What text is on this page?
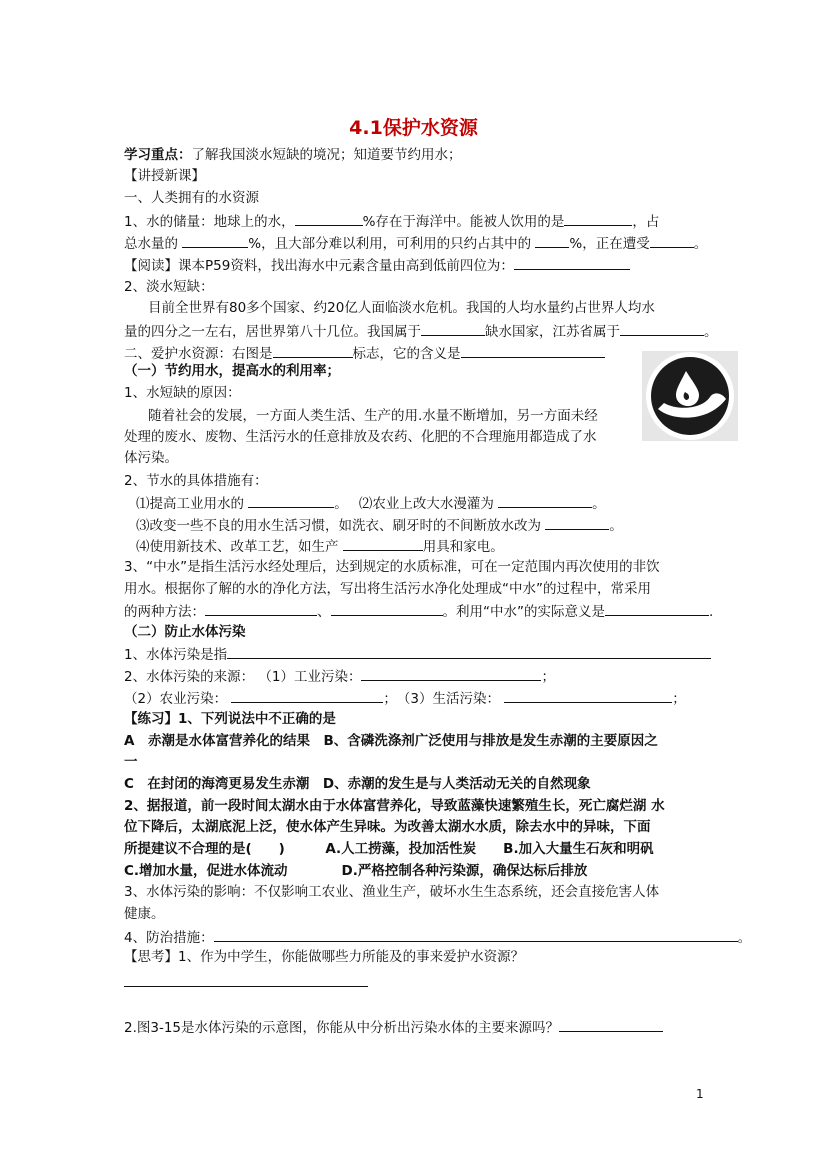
4.1保护水资源
学习重点：了解我国淡水短缺的境况；知道要节约用水；
【讲授新课】
一、人类拥有的水资源
1、水的储量：地球上的水，	%存在于海洋中。能被人饮用的是	，占
总水量的	%，且大部分难以利用，可利用的只约占其中的	%，正在遭受	。
【阅读】课本P59资料，找出海水中元素含量由高到低前四位为：
2、淡水短缺：
目前全世界有80多个国家、约20亿人面临淡水危机。我国的人均水量约占世界人均水
量的四分之一左右，居世界第八十几位。我国属于	缺水国家，江苏省属于	。
二、爱护水资源：右图是	标志，它的含义是
（一）节约用水，提高水的利用率；
1、水短缺的原因：
随着社会的发展，一方面人类生活、生产的用.水量不断增加，另一方面未经
处理的废水、废物、生活污水的任意排放及农药、化肥的不合理施用都造成了水
体污染。
2、节水的具体措施有：
⑴提高工业用水的	。　 ⑵农业上改大水漫灌为	。
⑶改变一些不良的用水生活习惯，如洗衣、刷牙时的不间断放水改为	。
⑷使用新技术、改革工艺，如生产	用具和家电。
3、“中水”是指生活污水经处理后，达到规定的水质标准，可在一定范围内再次使用的非饮
用水。根据你了解的水的净化方法，写出将生活污水净化处理成“中水”的过程中，常采用
的两种方法：	、	。利用“中水”的实际意义是	.
（二）防止水体污染
1、水体污染是指
2、水体污染的来源： （1）工业污染：	；
（2）农业污染：	；　 （3）生活污染：	；
【练习】1、下列说法中不正确的是
A　赤潮是水体富营养化的结果　B、含磷洗涤剂广泛使用与排放是发生赤潮的主要原因之
一
C　在封闭的海湾更易发生赤潮　D、赤潮的发生是与人类活动无关的自然现象
2、据报道，前一段时间太湖水由于水体富营养化，导致蓝藻快速繁殖生长，死亡腐烂湖 水
位下降后，太湖底泥上泛，使水体产生异味。为改善太湖水水质，除去水中的异味，下面
所提建议不合理的是(　　 )　　　	A.人工捞藻，投加活性炭　　 B.加入大量生石灰和明矾
C.增加水量，促进水体流动　　　　	D.严格控制各种污染源，确保达标后排放
3、水体污染的影响：不仅影响工农业、渔业生产，破坏水生生态系统，还会直接危害人体
健康。
4、防治措施：	。
【思考】1、作为中学生，你能做哪些力所能及的事来爱护水资源？
2.图3-15是水体污染的示意图，你能从中分析出污染水体的主要来源吗？
1
